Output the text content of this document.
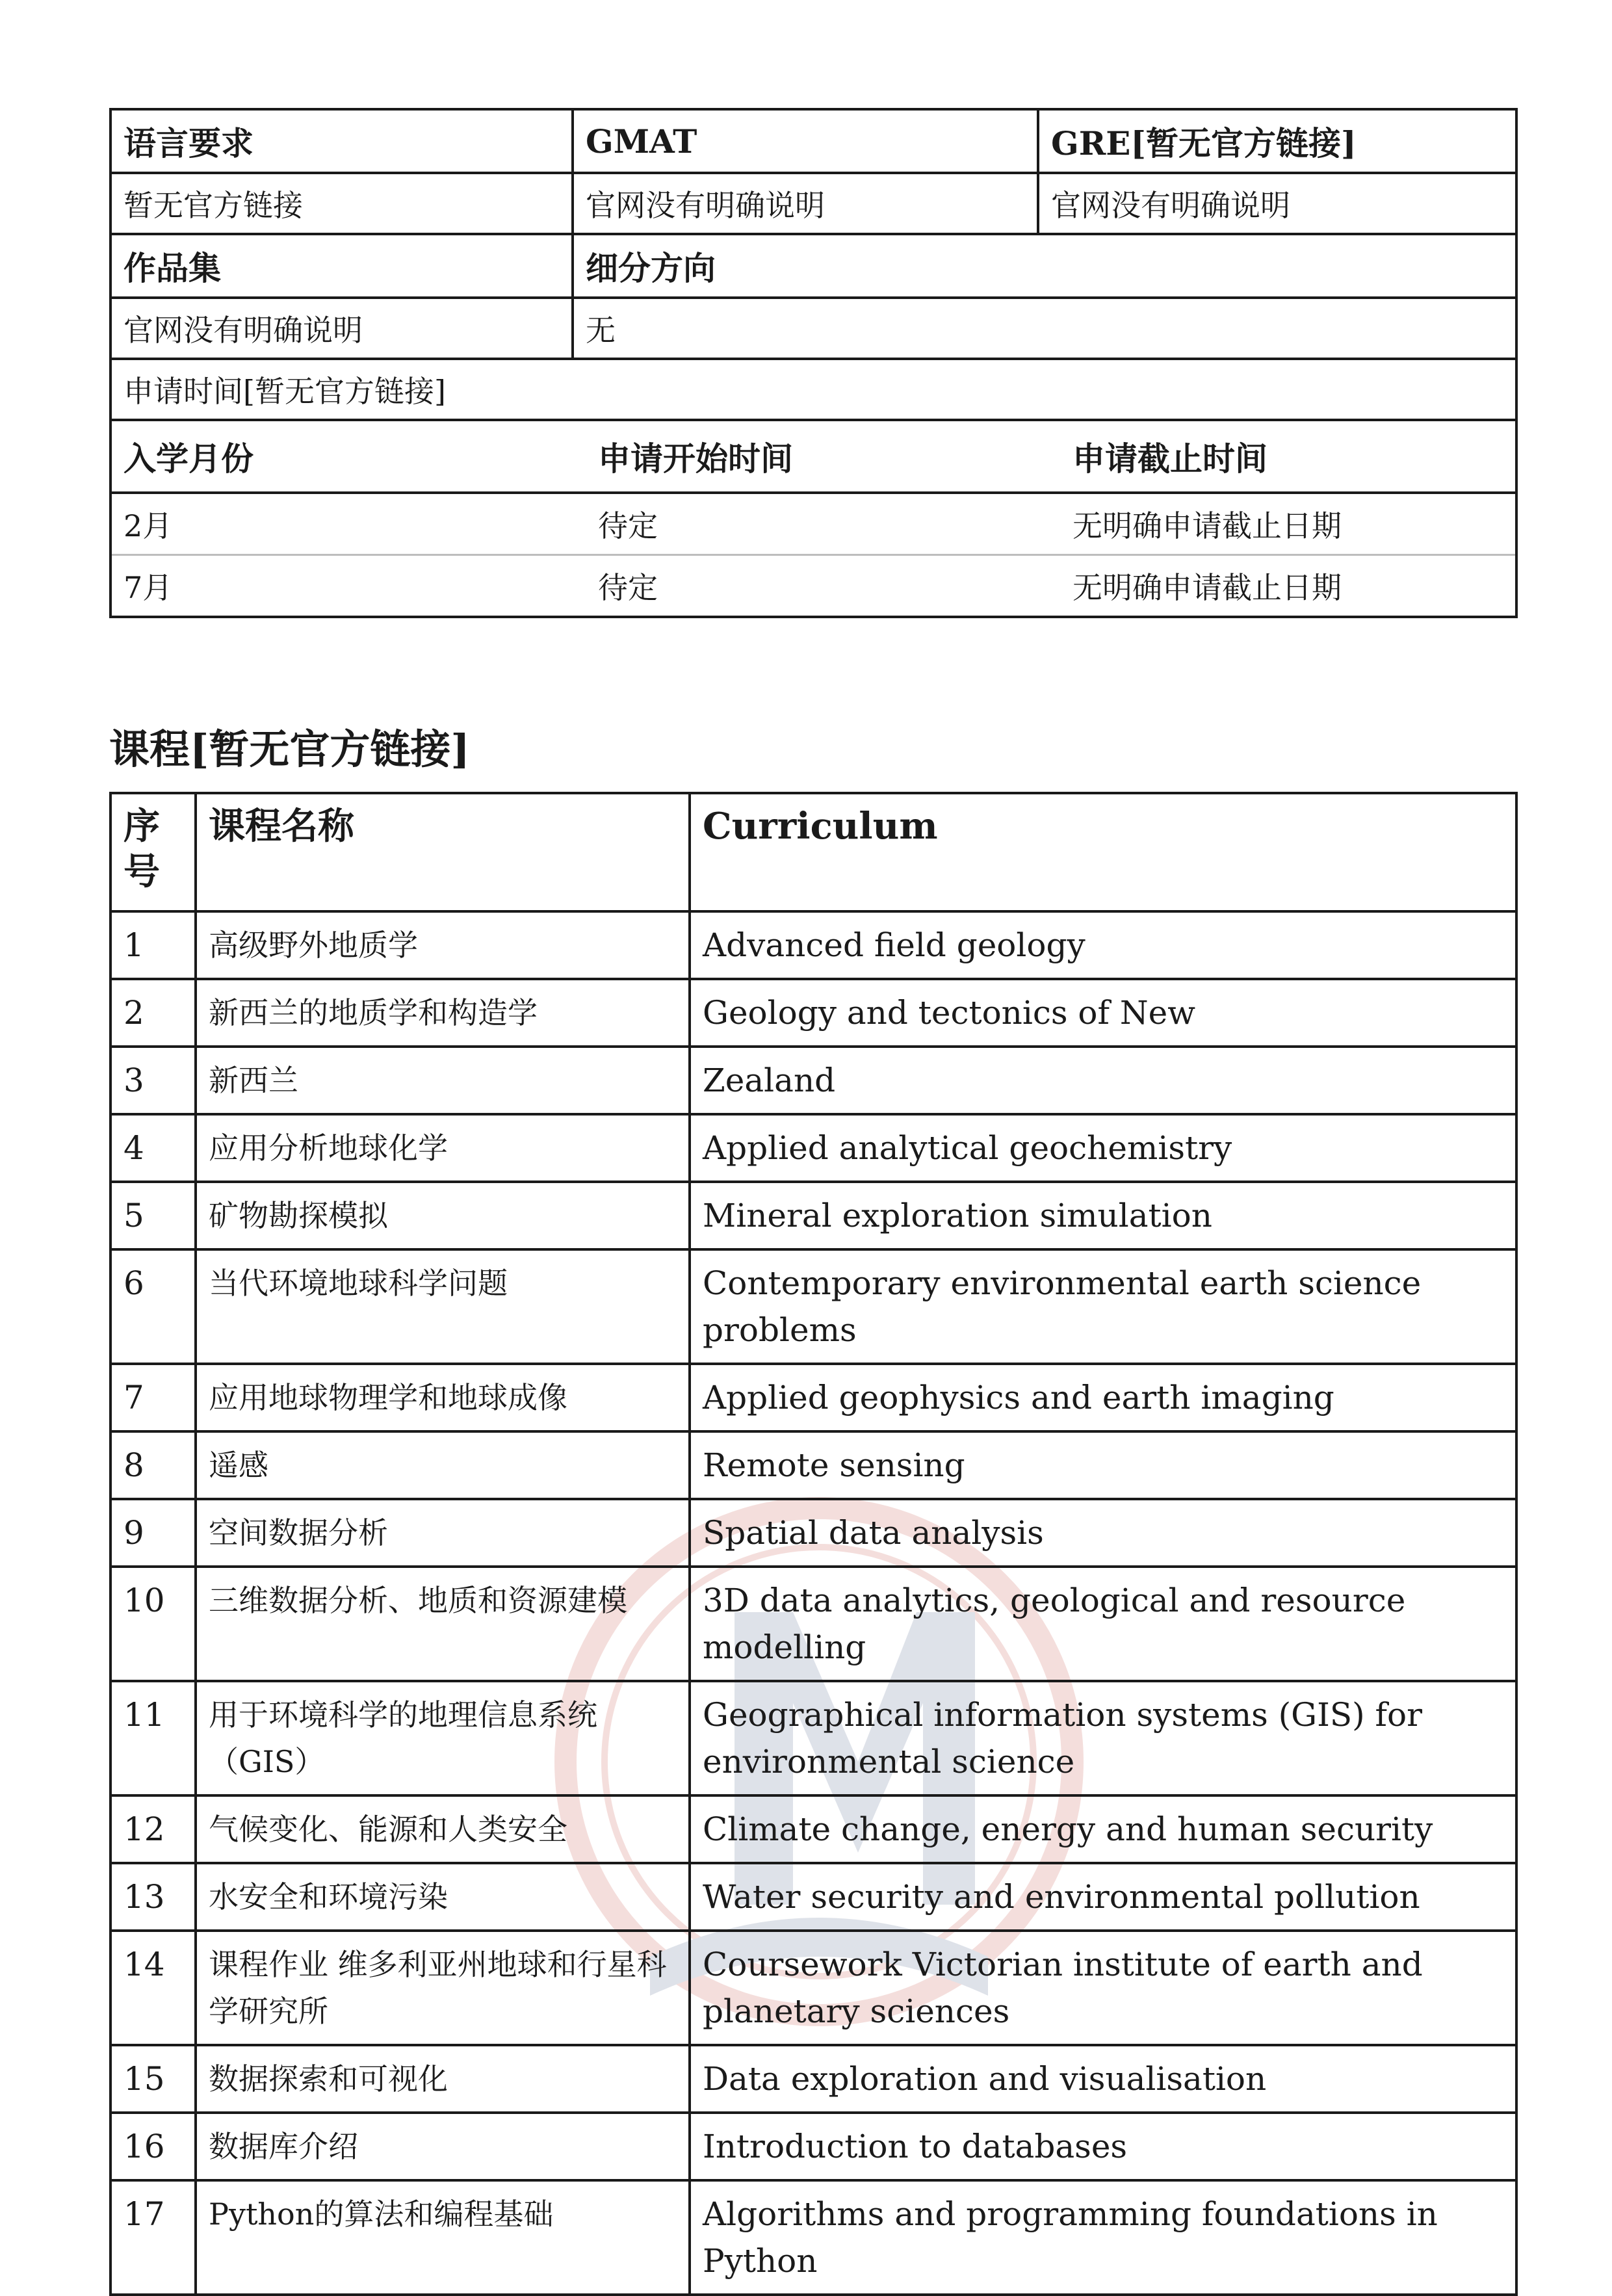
语言要求	GMAT	GRE[暂无官方链接]
暂无官方链接	官网没有明确说明	官网没有明确说明
作品集	细分方向
官网没有明确说明	无
申请时间[暂无官方链接]

入学月份	申请开始时间	申请截止时间
2月	待定	无明确申请截止日期
7月	待定	无明确申请截止日期
课程[暂无官方链接]
序号	课程名称	Curriculum
1	高级野外地质学	Advanced field geology
2	新西兰的地质学和构造学	Geology and tectonics of New
3	新西兰	Zealand
4	应用分析地球化学	Applied analytical geochemistry
5	矿物勘探模拟	Mineral exploration simulation
6	当代环境地球科学问题	Contemporary environmental earth science problems
7	应用地球物理学和地球成像	Applied geophysics and earth imaging
8	遥感	Remote sensing
9	空间数据分析	Spatial data analysis
10	三维数据分析、地质和资源建模	3D data analytics, geological and resource modelling
11	用于环境科学的地理信息系统（GIS）	Geographical information systems (GIS) for environmental science
12	气候变化、能源和人类安全	Climate change, energy and human security
13	水安全和环境污染	Water security and environmental pollution
14	课程作业 维多利亚州地球和行星科学研究所	Coursework Victorian institute of earth and planetary sciences
15	数据探索和可视化	Data exploration and visualisation
16	数据库介绍	Introduction to databases
17	Python的算法和编程基础	Algorithms and programming foundations in Python
